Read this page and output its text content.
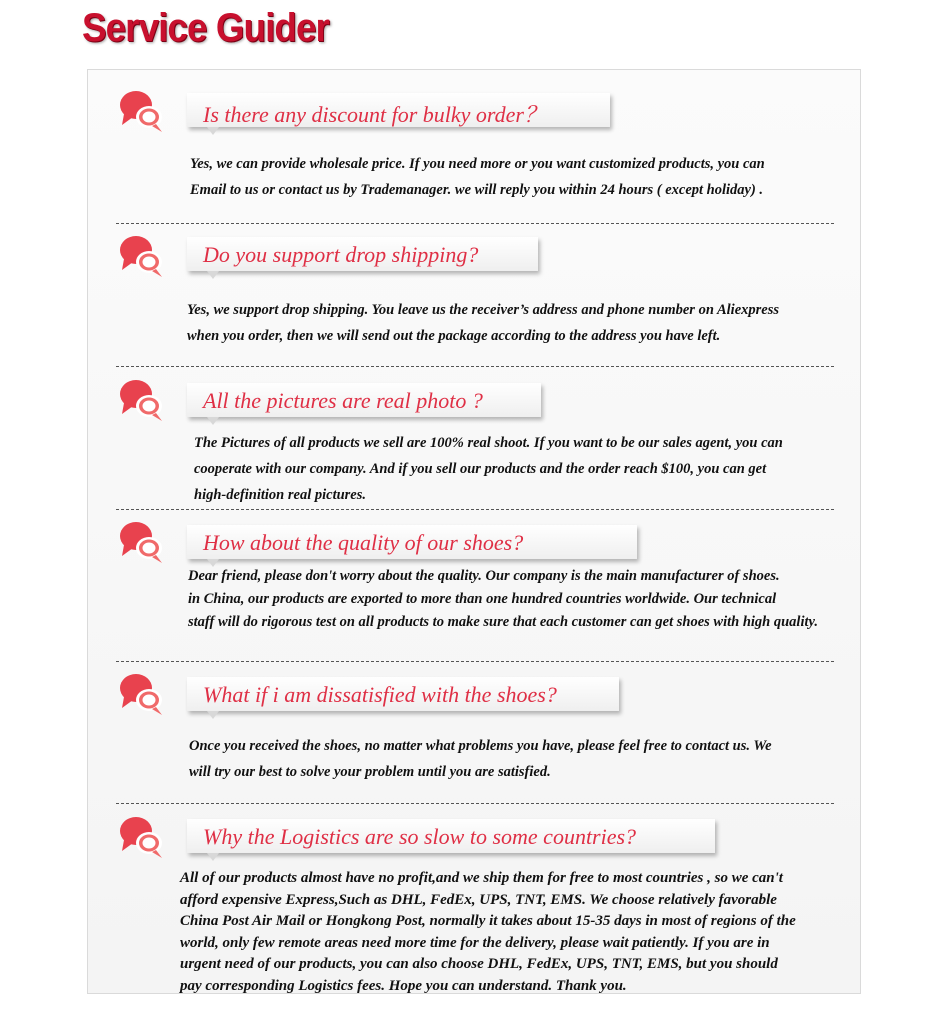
Service Guider
Is there any discount for bulky order？

Yes, we can provide wholesale price. If you need more or you want customized products, you can

Email to us or contact us by Trademanager. we will reply you within 24 hours ( except holiday) .

Do you support drop shipping?

Yes, we support drop shipping. You leave us the receiver’s address and phone number on Aliexpress

when you order, then we will send out the package according to the address you have left.

All the pictures are real photo ?

The Pictures of all products we sell are 100% real shoot. If you want to be our sales agent, you can

cooperate with our company. And if you sell our products and the order reach $100, you can get

high-definition real pictures.

How about the quality of our shoes?

Dear friend, please don't worry about the quality. Our company is the main manufacturer of shoes.

in China, our products are exported to more than one hundred countries worldwide. Our technical

staff will do rigorous test on all products to make sure that each customer can get shoes with high quality.

What if i am dissatisfied with the shoes?

Once you received the shoes, no matter what problems you have, please feel free to contact us. We

will try our best to solve your problem until you are satisfied.

Why the Logistics are so slow to some countries?

All of our products almost have no profit,and we ship them for free to most countries , so we can't

afford expensive Express,Such as DHL, FedEx, UPS, TNT, EMS. We choose relatively favorable

China Post Air Mail or Hongkong Post, normally it takes about 15-35 days in most of regions of the

world, only few remote areas need more time for the delivery, please wait patiently. If you are in

urgent need of our products, you can also choose DHL, FedEx, UPS, TNT, EMS, but you should

pay corresponding Logistics fees. Hope you can understand. Thank you.
